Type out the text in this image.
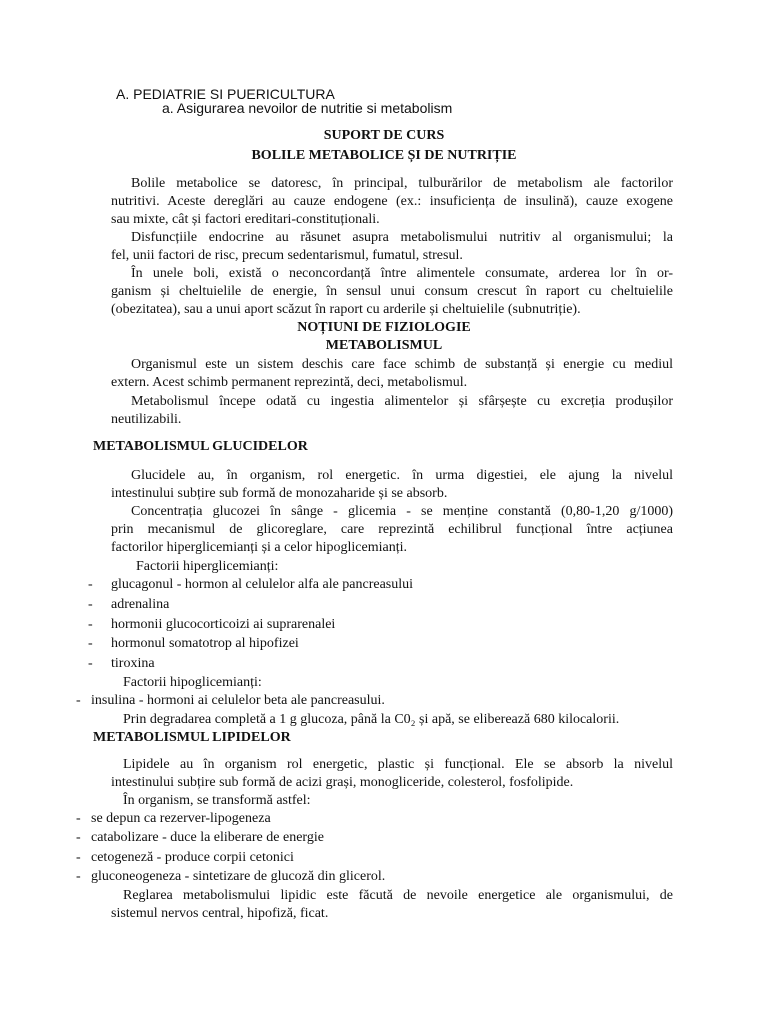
A. PEDIATRIE SI PUERICULTURA
a. Asigurarea nevoilor de nutritie si metabolism
SUPORT DE CURS
BOLILE METABOLICE ȘI DE NUTRIȚIE
Bolile metabolice se datoresc, în principal, tulburărilor de metabolism ale factorilor
nutritivi. Aceste dereglări au cauze endogene (ex.: insuficiența de insulină), cauze exogene
sau mixte, cât și factori ereditari-constituționali.
Disfuncțiile endocrine au răsunet asupra metabolismului nutritiv al organismului; la
fel, unii factori de risc, precum sedentarismul, fumatul, stresul.
În unele boli, există o neconcordanță între alimentele consumate, arderea lor în or-
ganism și cheltuielile de energie, în sensul unui consum crescut în raport cu cheltuielile
(obezitatea), sau a unui aport scăzut în raport cu arderile și cheltuielile (subnutriție).
NOȚIUNI DE FIZIOLOGIE
METABOLISMUL
Organismul este un sistem deschis care face schimb de substanță și energie cu mediul
extern. Acest schimb permanent reprezintă, deci, metabolismul.
Metabolismul începe odată cu ingestia alimentelor și sfârșește cu excreția produșilor
neutilizabili.
METABOLISMUL GLUCIDELOR
Glucidele au, în organism, rol energetic. în urma digestiei, ele ajung la nivelul
intestinului subțire sub formă de monozaharide și se absorb.
Concentrația glucozei în sânge - glicemia - se menține constantă (0,80-1,20 g/1000)
prin mecanismul de glicoreglare, care reprezintă echilibrul funcțional între acțiunea
factorilor hiperglicemianți și a celor hipoglicemianți.
Factorii hiperglicemianți:
- glucagonul - hormon al celulelor alfa ale pancreasului
- adrenalina
- hormonii glucocorticoizi ai suprarenalei
- hormonul somatotrop al hipofizei
- tiroxina
Factorii hipoglicemianți:
- insulina - hormoni ai celulelor beta ale pancreasului.
Prin degradarea completă a 1 g glucoza, până la C0₂ și apă, se eliberează 680 kilocalorii.
METABOLISMUL LIPIDELOR
Lipidele au în organism rol energetic, plastic și funcțional. Ele se absorb la nivelul
intestinului subțire sub formă de acizi grași, monogliceride, colesterol, fosfolipide.
În organism, se transformă astfel:
- se depun ca rezerver-lipogeneza
- catabolizare - duce la eliberare de energie
- cetogeneză - produce corpii cetonici
- gluconeogeneza - sintetizare de glucoză din glicerol.
Reglarea metabolismului lipidic este făcută de nevoile energetice ale organismului, de
sistemul nervos central, hipofiză, ficat.
